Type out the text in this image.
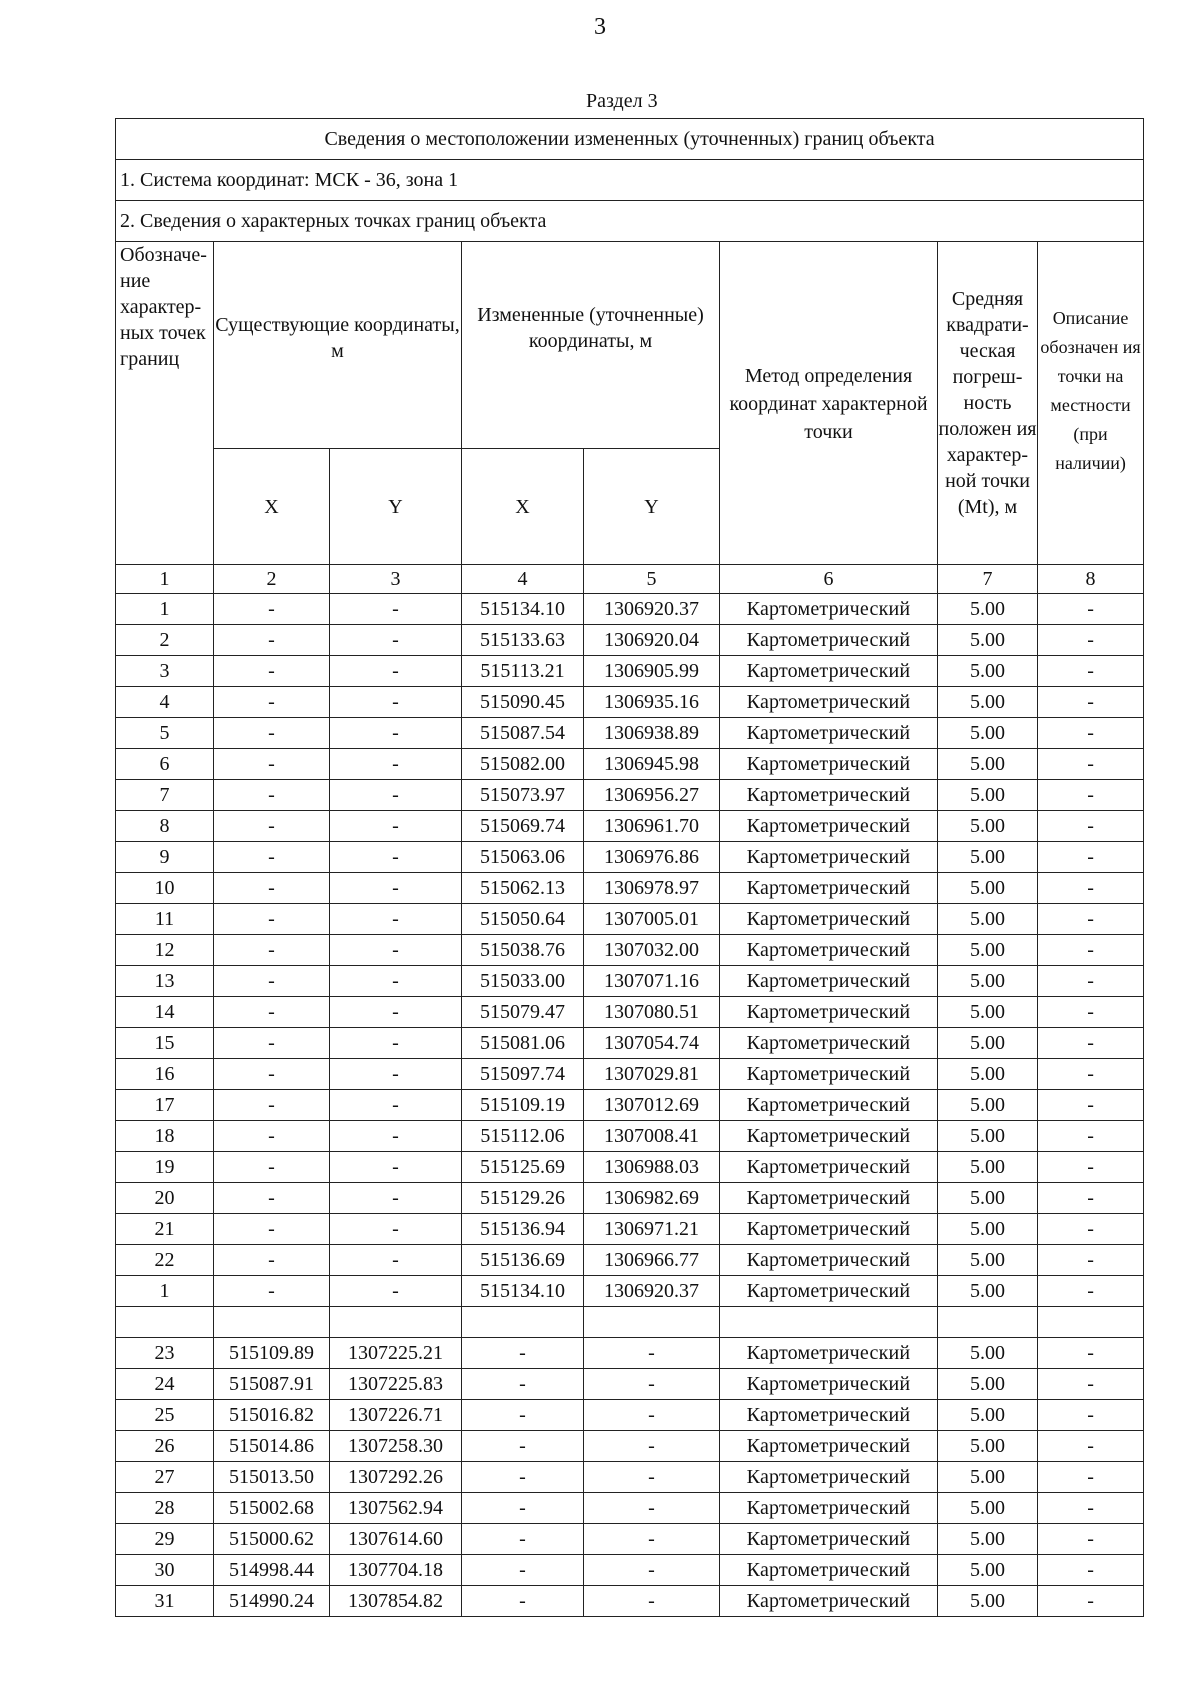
3
Раздел 3
Сведения о местоположении измененных (уточненных) границ объекта							
1. Система координат: МСК - 36, зона 1							
2. Сведения о характерных точках границ объекта							
Обозначе-ние характер-ных точек границ	Существующие координаты, м		Измененные (уточненные) координаты, м		Метод определения координат характерной точки	Средняя квадрати-ческая погреш-ность положен ия характер-ной точки (Mt), м	Описание обозначен ия точки на местности (при наличии)
	X	Y	X	Y			
1	2	3	4	5	6	7	8
1	-	-	515134.10	1306920.37	Картометрический	5.00	-
2	-	-	515133.63	1306920.04	Картометрический	5.00	-
3	-	-	515113.21	1306905.99	Картометрический	5.00	-
4	-	-	515090.45	1306935.16	Картометрический	5.00	-
5	-	-	515087.54	1306938.89	Картометрический	5.00	-
6	-	-	515082.00	1306945.98	Картометрический	5.00	-
7	-	-	515073.97	1306956.27	Картометрический	5.00	-
8	-	-	515069.74	1306961.70	Картометрический	5.00	-
9	-	-	515063.06	1306976.86	Картометрический	5.00	-
10	-	-	515062.13	1306978.97	Картометрический	5.00	-
11	-	-	515050.64	1307005.01	Картометрический	5.00	-
12	-	-	515038.76	1307032.00	Картометрический	5.00	-
13	-	-	515033.00	1307071.16	Картометрический	5.00	-
14	-	-	515079.47	1307080.51	Картометрический	5.00	-
15	-	-	515081.06	1307054.74	Картометрический	5.00	-
16	-	-	515097.74	1307029.81	Картометрический	5.00	-
17	-	-	515109.19	1307012.69	Картометрический	5.00	-
18	-	-	515112.06	1307008.41	Картометрический	5.00	-
19	-	-	515125.69	1306988.03	Картометрический	5.00	-
20	-	-	515129.26	1306982.69	Картометрический	5.00	-
21	-	-	515136.94	1306971.21	Картометрический	5.00	-
22	-	-	515136.69	1306966.77	Картометрический	5.00	-
1	-	-	515134.10	1306920.37	Картометрический	5.00	-

23	515109.89	1307225.21	-	-	Картометрический	5.00	-
24	515087.91	1307225.83	-	-	Картометрический	5.00	-
25	515016.82	1307226.71	-	-	Картометрический	5.00	-
26	515014.86	1307258.30	-	-	Картометрический	5.00	-
27	515013.50	1307292.26	-	-	Картометрический	5.00	-
28	515002.68	1307562.94	-	-	Картометрический	5.00	-
29	515000.62	1307614.60	-	-	Картометрический	5.00	-
30	514998.44	1307704.18	-	-	Картометрический	5.00	-
31	514990.24	1307854.82	-	-	Картометрический	5.00	-
